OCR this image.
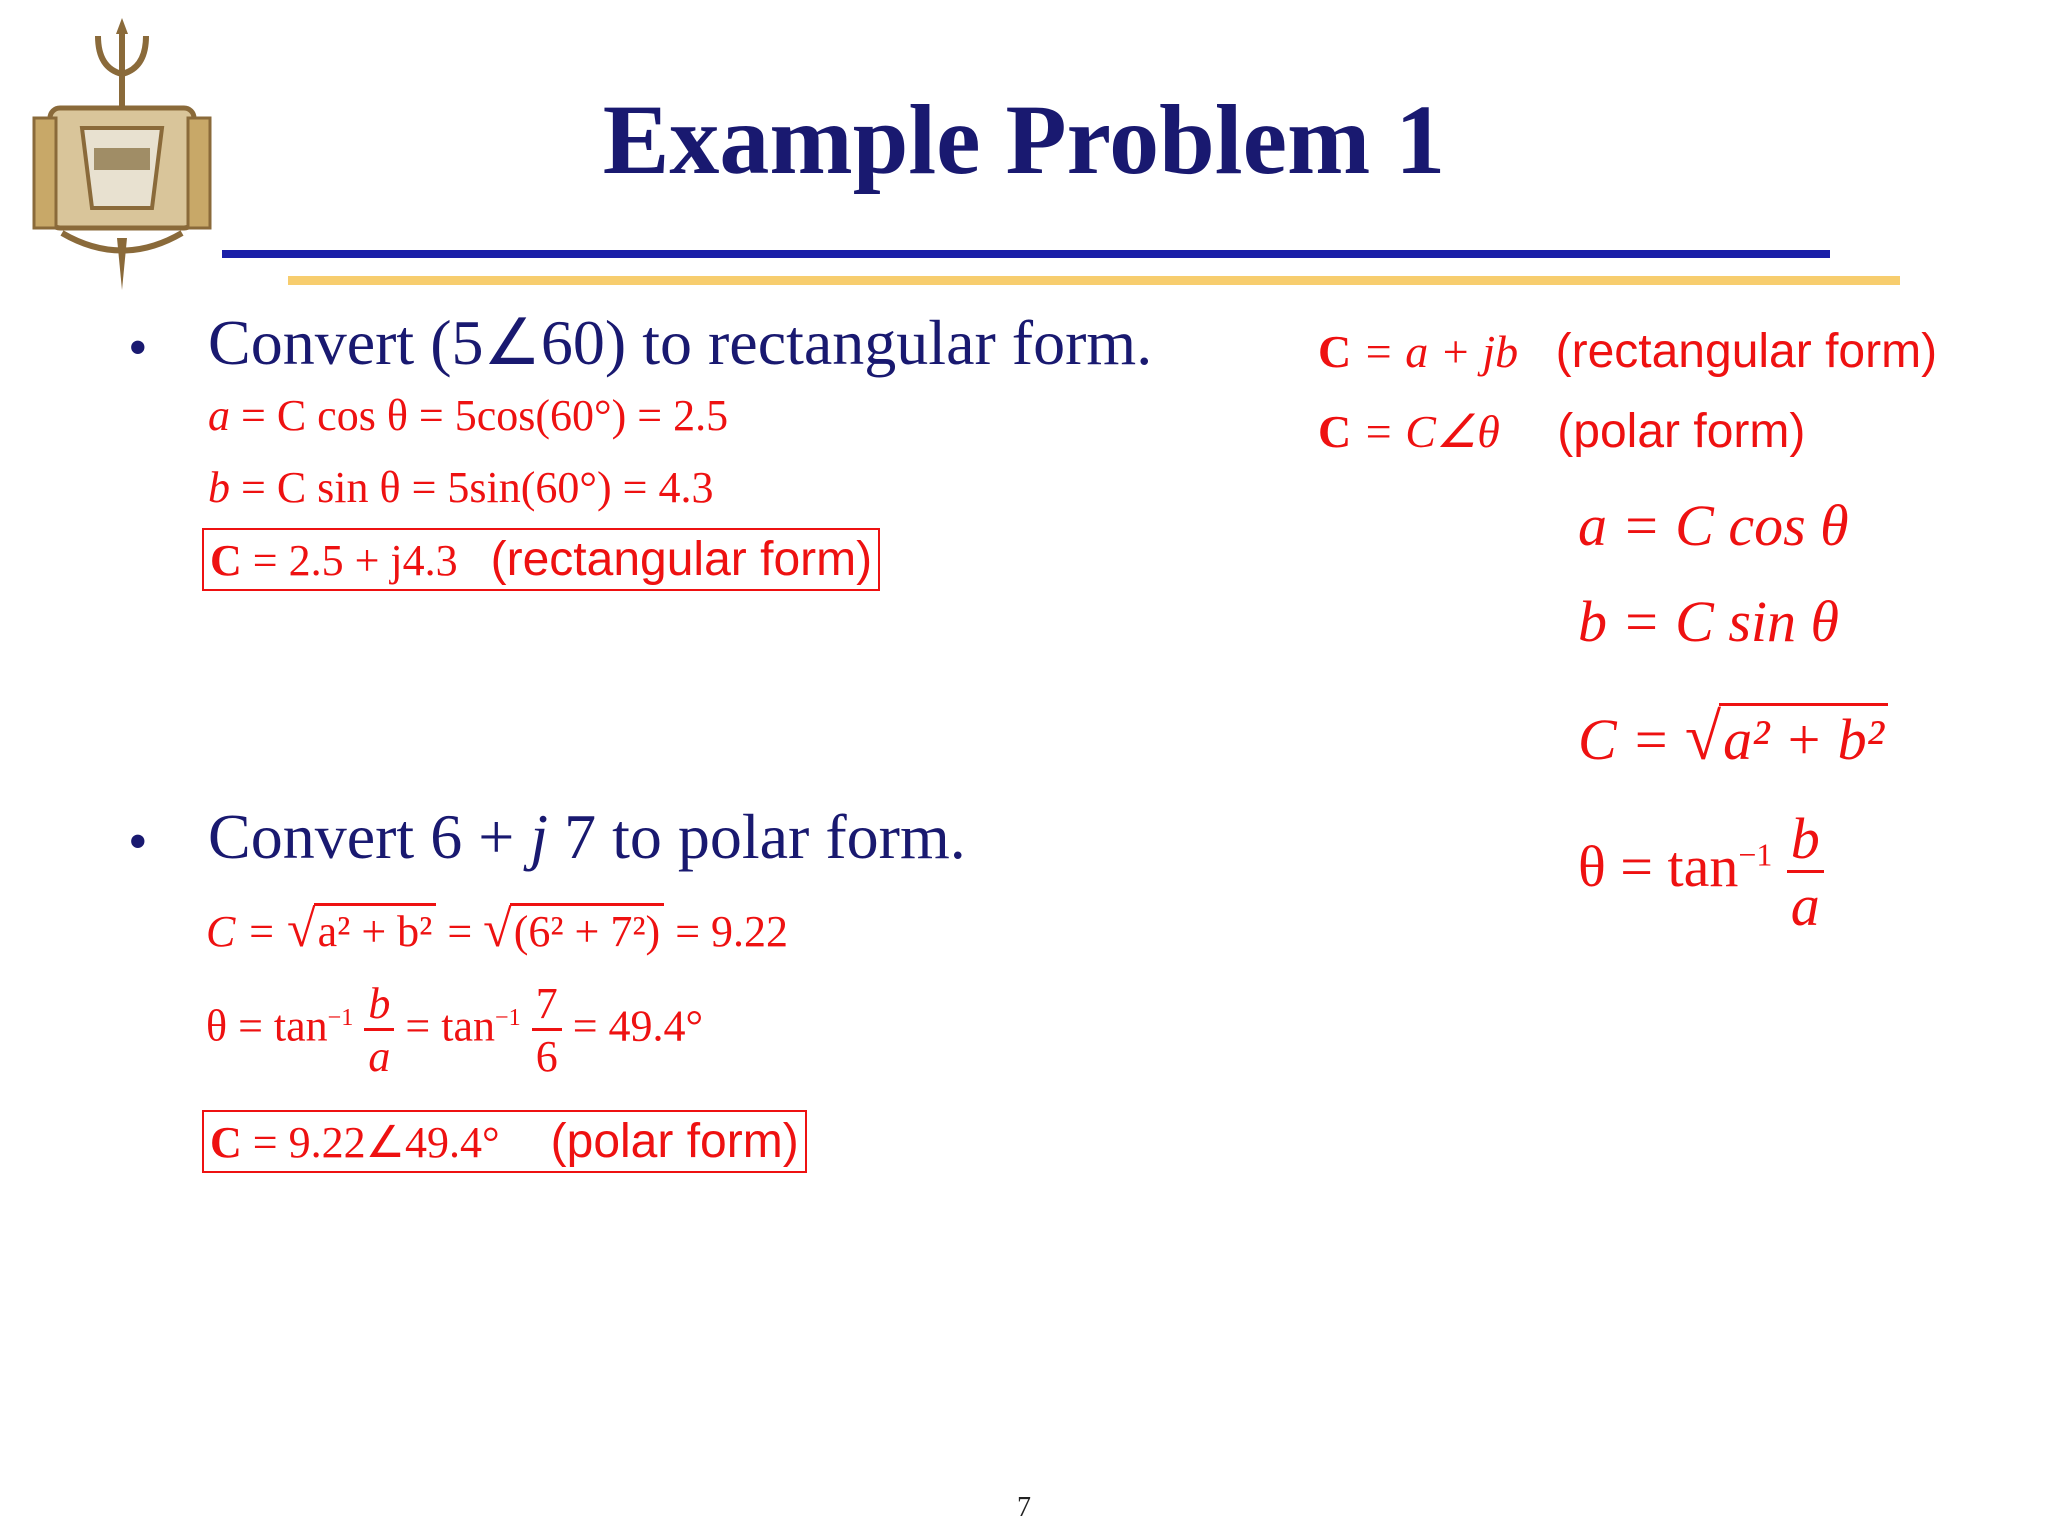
Example Problem 1
• Convert (5∠60) to rectangular form.
a = C cos θ = 5cos(60°) = 2.5
b = C sin θ = 5sin(60°) = 4.3
C = 2.5 + j4.3 (rectangular form)
• Convert 6 + j 7 to polar form.
C = √a² + b² = √(6² + 7²) = 9.22
$\theta = \tan^{-1} \frac{b}{a} = \tan^{-1} \frac{7}{6} = 49.4^\circ$
C = 9.22∠49.4° (polar form)
C = a + jb (rectangular form)
C = C∠θ (polar form)
a = C cos θ
b = C sin θ
C = √a² + b²
$\theta = \tan^{-1} \frac{b}{a}$
7
